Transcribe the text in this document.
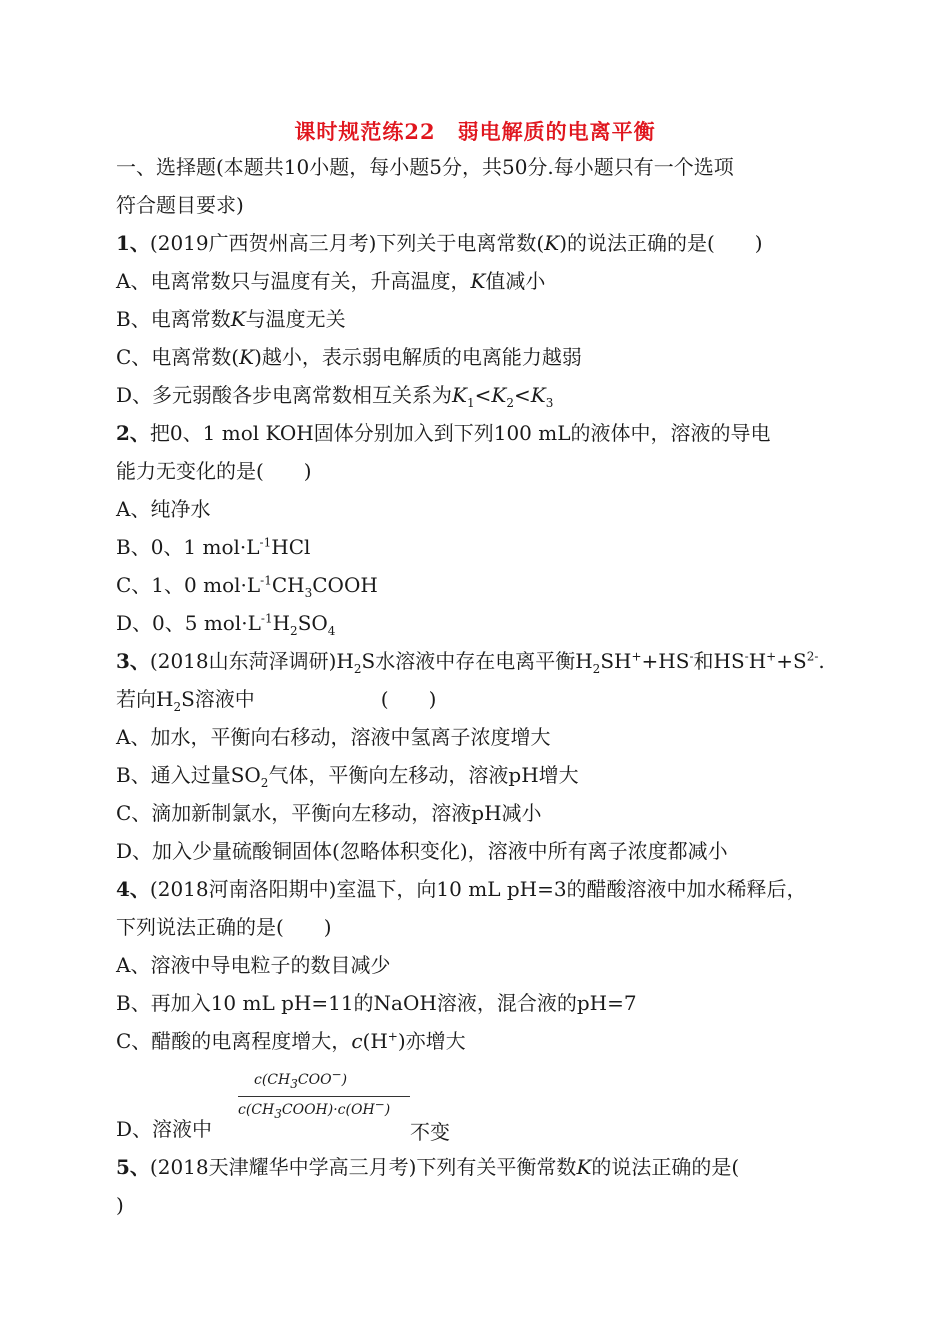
课时规范练22　弱电解质的电离平衡
一、选择题(本题共10小题，每小题5分，共50分.每小题只有一个选项
符合题目要求)
1、(2019广西贺州高三月考)下列关于电离常数(K)的说法正确的是(　　)
A、电离常数只与温度有关，升高温度，K值减小
B、电离常数K与温度无关
C、电离常数(K)越小，表示弱电解质的电离能力越弱
D、多元弱酸各步电离常数相互关系为$K_1<K_2<K_3$
2、把0、1 mol KOH固体分别加入到下列100 mL的液体中，溶液的导电
能力无变化的是(　　)
A、纯净水
B、0、1 $mol\cdot L^{-1}HCl$
C、1、0 $mol\cdot L^{-1}CH_3COOH$
D、0、5 $mol\cdot L^{-1}H_2SO_4$
3、(2018山东菏泽调研)$H_2S$水溶液中存在电离平衡$H_2SH^++HS^-$和$HS^-H^++S^{2-}$.
若向$H_2S$溶液中	(　　)
A、加水，平衡向右移动，溶液中氢离子浓度增大
B、通入过量$SO_2$气体，平衡向左移动，溶液pH增大
C、滴加新制氯水，平衡向左移动，溶液pH减小
D、加入少量硫酸铜固体(忽略体积变化)，溶液中所有离子浓度都减小
4、(2018河南洛阳期中)室温下，向10 mL pH=3的醋酸溶液中加水稀释后，
下列说法正确的是(　　)
A、溶液中导电粒子的数目减少
B、再加入10 mL pH=11的NaOH溶液，混合液的pH=7
C、醋酸的电离程度增大，c(H+)亦增大
D、溶液中
$c(CH_3COO^-)$
$c(CH_3COOH)\cdot c(OH^-)$
不变
5、(2018天津耀华中学高三月考)下列有关平衡常数K的说法正确的是(
)
